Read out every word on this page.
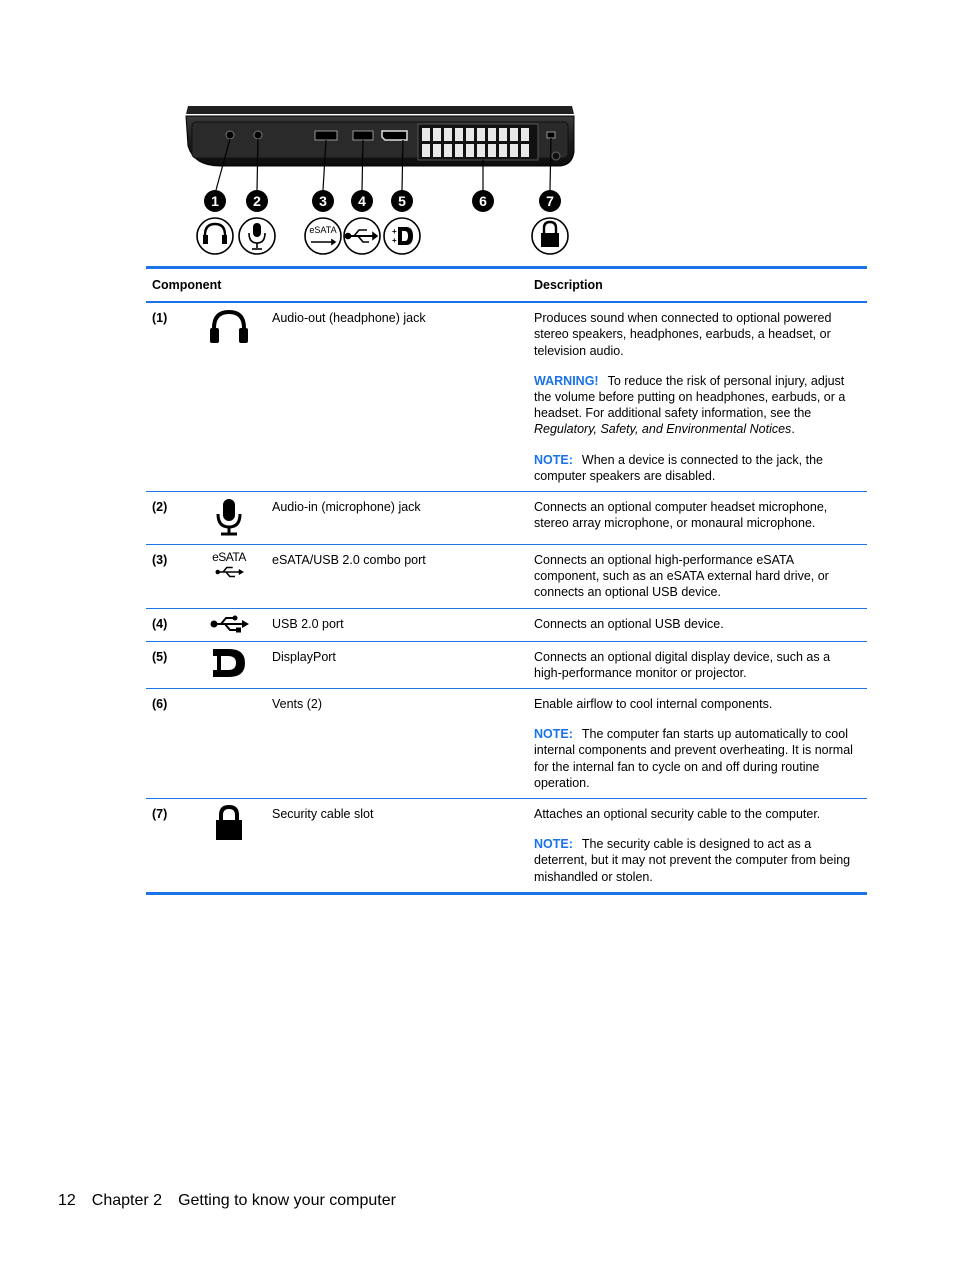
1 2	3 4 5	6	7
eSATA	+
+
Component			Description
(1)		Audio-out (headphone) jack	Produces sound when connected to optional powered stereo speakers, headphones, earbuds, a headset, or television audio.

WARNING! To reduce the risk of personal injury, adjust the volume before putting on headphones, earbuds, or a headset. For additional safety information, see the
Regulatory, Safety, and Environmental Notices.

NOTE: When a device is connected to the jack, the computer speakers are disabled.

(2)		Audio-in (microphone) jack	Connects an optional computer headset microphone, stereo array microphone, or monaural microphone.

(3)	eSATA	eSATA/USB 2.0 combo port	Connects an optional high-performance eSATA component, such as an eSATA external hard drive, or connects an optional USB device.

(4)		USB 2.0 port	Connects an optional USB device.

(5)		DisplayPort	Connects an optional digital display device, such as a high-performance monitor or projector.

(6)		Vents (2)	Enable airflow to cool internal components.

NOTE: The computer fan starts up automatically to cool internal components and prevent overheating. It is normal for the internal fan to cycle on and off during routine operation.

(7)		Security cable slot	Attaches an optional security cable to the computer.

NOTE: The security cable is designed to act as a deterrent, but it may not prevent the computer from being mishandled or stolen.

12 Chapter 2 Getting to know your computer
